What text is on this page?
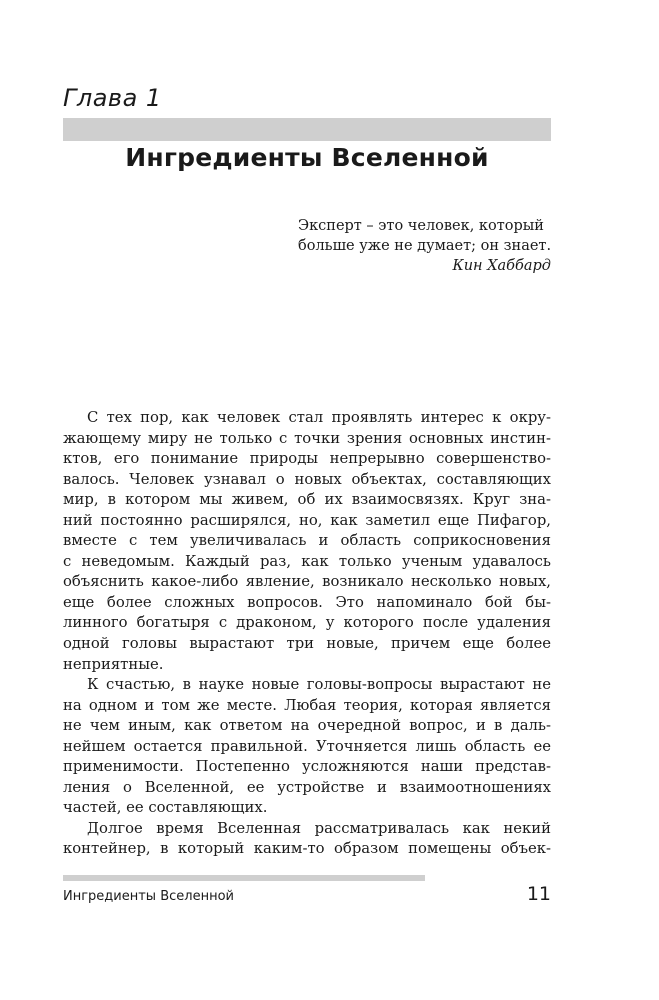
Глава 1
Ингредиенты Вселенной

Эксперт – это человек, который

больше уже не думает; он знает.

Кин Хаббард

С тех пор, как человек стал проявлять интерес к окру-
жающему миру не только с точки зрения основных инстин-
ктов, его понимание природы непрерывно совершенство-
валось. Человек узнавал о новых объектах, составляющих
мир, в котором мы живем, об их взаимосвязях. Круг зна-
ний постоянно расширялся, но, как заметил еще Пифагор,
вместе с тем увеличивалась и область соприкосновения
с неведомым. Каждый раз, как только ученым удавалось
объяснить какое-либо явление, возникало несколько новых,
еще более сложных вопросов. Это напоминало бой бы-
линного богатыря с драконом, у которого после удаления
одной головы вырастают три новые, причем еще более
неприятные.
К счастью, в науке новые головы-вопросы вырастают не
на одном и том же месте. Любая теория, которая является
не чем иным, как ответом на очередной вопрос, и в даль-
нейшем остается правильной. Уточняется лишь область ее
применимости. Постепенно усложняются наши представ-
ления о Вселенной, ее устройстве и взаимоотношениях
частей, ее составляющих.
Долгое время Вселенная рассматривалась как некий
контейнер, в который каким-то образом помещены объек-
Ингредиенты Вселенной	11
